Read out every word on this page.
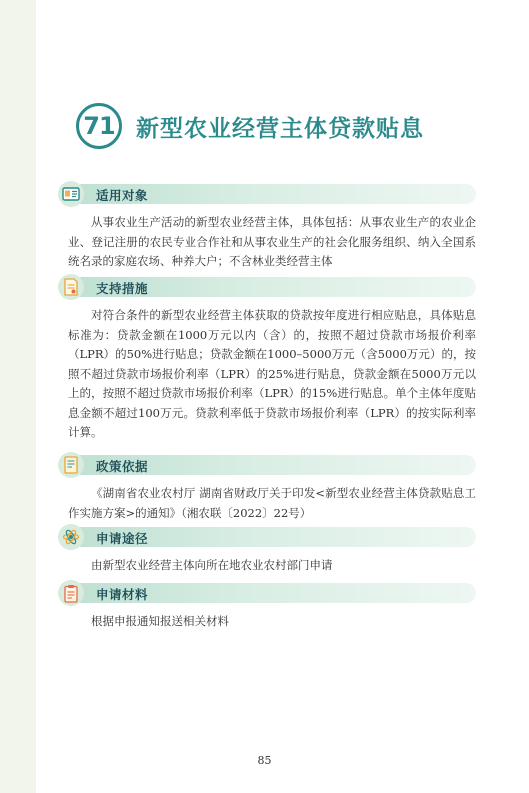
71 新型农业经营主体贷款贴息
适用对象

从事农业生产活动的新型农业经营主体，具体包括：从事农业生产的农业企业、登记注册的农民专业合作社和从事农业生产的社会化服务组织、纳入全国系统名录的家庭农场、种养大户；不含林业类经营主体

支持措施

对符合条件的新型农业经营主体获取的贷款按年度进行相应贴息，具体贴息标准为：贷款金额在1000万元以内（含）的，按照不超过贷款市场报价利率（LPR）的50%进行贴息；贷款金额在1000–5000万元（含5000万元）的，按照不超过贷款市场报价利率（LPR）的25%进行贴息，贷款金额在5000万元以上的，按照不超过贷款市场报价利率（LPR）的15%进行贴息。单个主体年度贴息金额不超过100万元。贷款利率低于贷款市场报价利率（LPR）的按实际利率计算。

政策依据

《湖南省农业农村厅 湖南省财政厅关于印发<新型农业经营主体贷款贴息工作实施方案>的通知》（湘农联〔2022〕22号）

申请途径

由新型农业经营主体向所在地农业农村部门申请

申请材料

根据申报通知报送相关材料

85
